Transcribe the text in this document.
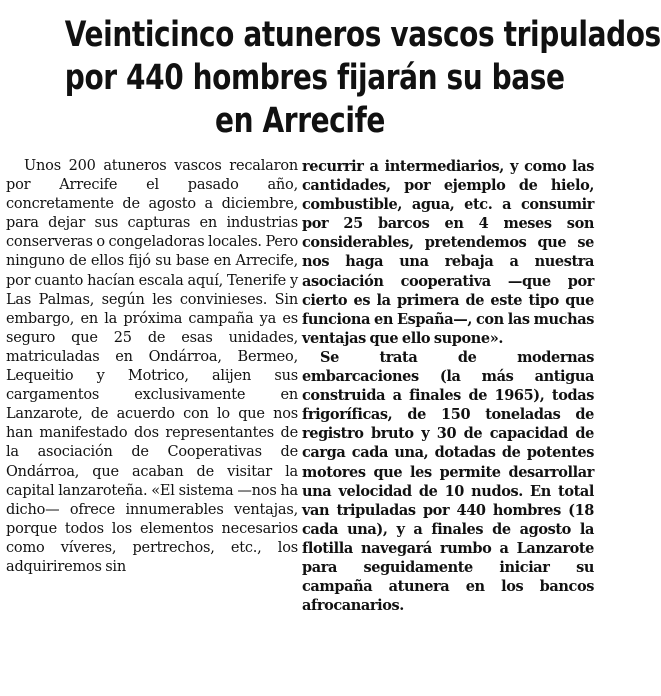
Veinticinco atuneros vascos tripulados
por 440 hombres fijarán su base
en Arrecife

Unos 200 atuneros vascos recalaron por Arrecife el pasado año, concretamente de agosto a diciembre, para dejar sus capturas en industrias conserveras o congeladoras locales. Pero ninguno de ellos fijó su base en Arrecife, por cuanto hacían escala aquí, Tenerife y Las Palmas, según les convinieses. Sin embargo, en la próxima campaña ya es seguro que 25 de esas unidades, matriculadas en Ondárroa, Bermeo, Lequeitio y Motrico, alijen sus cargamentos exclusivamente en Lanzarote, de acuerdo con lo que nos han manifestado dos representantes de la asociación de Cooperativas de Ondárroa, que acaban de visitar la capital lanzaroteña. «El sistema —nos ha dicho— ofrece innumerables ventajas, porque todos los elementos necesarios como víveres, pertrechos, etc., los adquiriremos sin

recurrir a intermediarios, y como las cantidades, por ejemplo de hielo, combustible, agua, etc. a consumir por 25 barcos en 4 meses son considerables, pretendemos que se nos haga una rebaja a nuestra asociación cooperativa —que por cierto es la primera de este tipo que funciona en España—, con las muchas ventajas que ello supone».

Se trata de modernas embarcaciones (la más antigua construida a finales de 1965), todas frigoríficas, de 150 toneladas de registro bruto y 30 de capacidad de carga cada una, dotadas de potentes motores que les permite desarrollar una velocidad de 10 nudos. En total van tripuladas por 440 hombres (18 cada una), y a finales de agosto la flotilla navegará rumbo a Lanzarote para seguidamente iniciar su campaña atunera en los bancos afrocanarios.
